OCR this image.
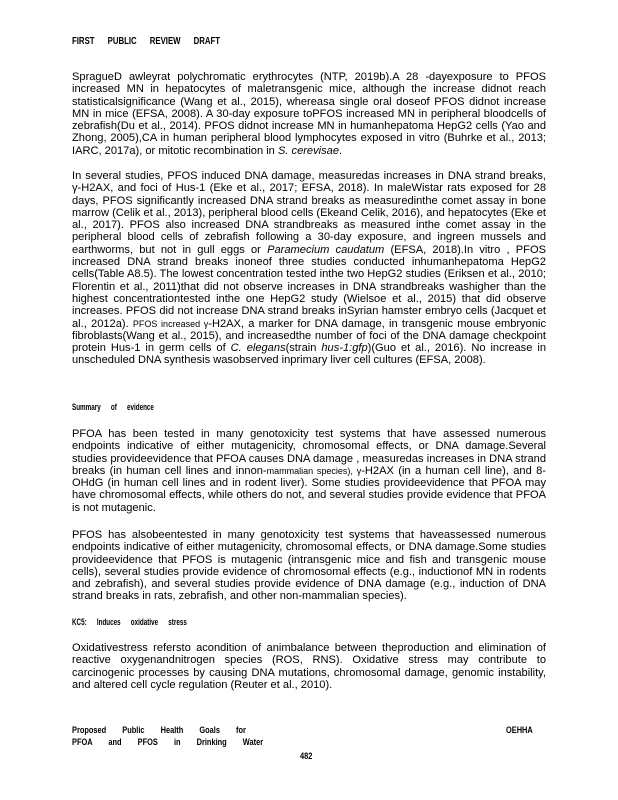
FIRST PUBLIC REVIEW DRAFT

SpragueD awleyrat polychromatic erythrocytes (NTP, 2019b).A 28 -dayexposure to PFOS increased MN in hepatocytes of maletransgenic mice, although the increase didnot reach statisticalsignificance (Wang et al., 2015), whereasa single oral doseof PFOS didnot increase MN in mice (EFSA, 2008). A 30-day exposure toPFOS increased MN in peripheral bloodcells of zebrafish(Du et al., 2014). PFOS didnot increase MN in humanhepatoma HepG2 cells (Yao and Zhong, 2005),CA in human peripheral blood lymphocytes exposed in vitro (Buhrke et al., 2013; IARC, 2017a), or mitotic recombination in S. cerevisae.

In several studies, PFOS induced DNA damage, measuredas increases in DNA strand breaks, γ-H2AX, and foci of Hus-1 (Eke et al., 2017; EFSA, 2018). In maleWistar rats exposed for 28 days, PFOS significantly increased DNA strand breaks as measuredinthe comet assay in bone marrow (Celik et al., 2013), peripheral blood cells (Ekeand Celik, 2016), and hepatocytes (Eke et al., 2017). PFOS also increased DNA strandbreaks as measured inthe comet assay in the peripheral blood cells of zebrafish following a 30-day exposure, and ingreen mussels and earthworms, but not in gull eggs or Paramecium caudatum (EFSA, 2018).In vitro , PFOS increased DNA strand breaks inoneof three studies conducted inhumanhepatoma HepG2 cells(Table A8.5). The lowest concentration tested inthe two HepG2 studies (Eriksen et al., 2010; Florentin et al., 2011)that did not observe increases in DNA strandbreaks washigher than the highest concentrationtested inthe one HepG2 study (Wielsoe et al., 2015) that did observe increases. PFOS did not increase DNA strand breaks inSyrian hamster embryo cells (Jacquet et al., 2012a). PFOS increased γ-H2AX, a marker for DNA damage, in transgenic mouse embryonic fibroblasts(Wang et al., 2015), and increasedthe number of foci of the DNA damage checkpoint protein Hus-1 in germ cells of C. elegans(strain hus-1:gfp)(Guo et al., 2016). No increase in unscheduled DNA synthesis wasobserved inprimary liver cell cultures (EFSA, 2008).

Summary of evidence

PFOA has been tested in many genotoxicity test systems that have assessed numerous endpoints indicative of either mutagenicity, chromosomal effects, or DNA damage.Several studies provideevidence that PFOA causes DNA damage , measuredas increases in DNA strand breaks (in human cell lines and innon-mammalian species), γ-H2AX (in a human cell line), and 8-OHdG (in human cell lines and in rodent liver). Some studies provideevidence that PFOA may have chromosomal effects, while others do not, and several studies provide evidence that PFOA is not mutagenic.

PFOS has alsobeentested in many genotoxicity test systems that haveassessed numerous endpoints indicative of either mutagenicity, chromosomal effects, or DNA damage.Some studies provideevidence that PFOS is mutagenic (intransgenic mice and fish and transgenic mouse cells), several studies provide evidence of chromosomal effects (e.g., inductionof MN in rodents and zebrafish), and several studies provide evidence of DNA damage (e.g., induction of DNA strand breaks in rats, zebrafish, and other non-mammalian species).

KC5: Induces oxidative stress

Oxidativestress refersto acondition of animbalance between theproduction and elimination of reactive oxygenandnitrogen species (ROS, RNS). Oxidative stress may contribute to carcinogenic processes by causing DNA mutations, chromosomal damage, genomic instability, and altered cell cycle regulation (Reuter et al., 2010).

Proposed Public Health Goals for
PFOA and PFOS in Drinking Water
OEHHA
482
